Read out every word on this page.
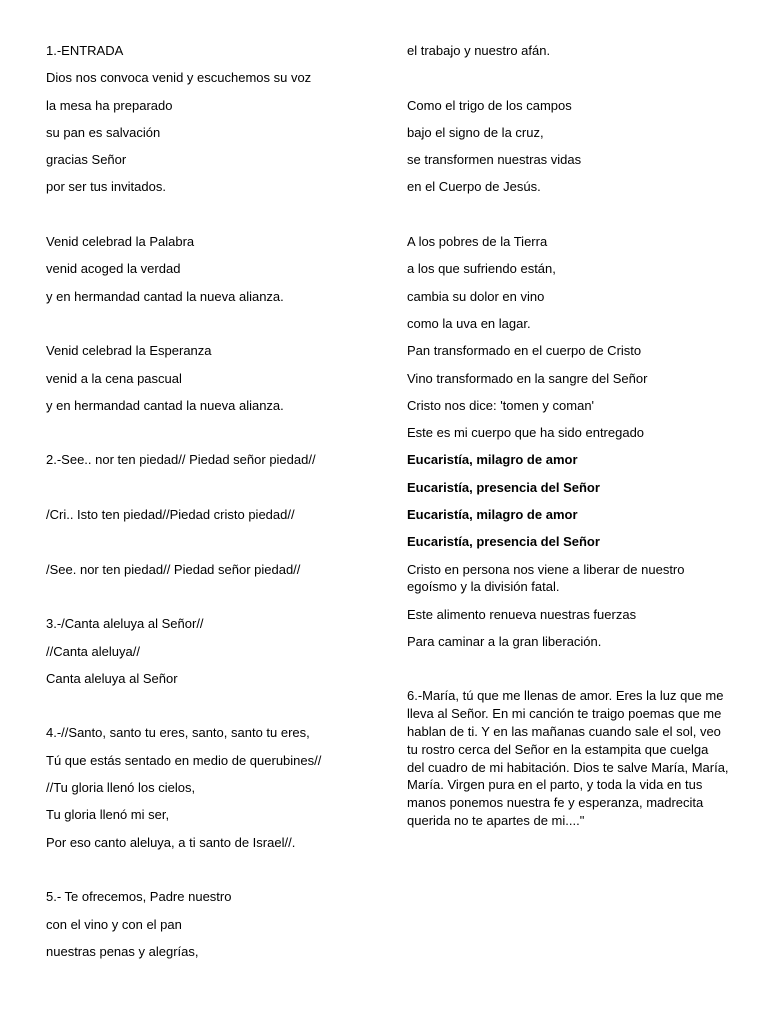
1.-ENTRADA
Dios nos convoca venid y escuchemos su voz
la mesa ha preparado
su pan es salvación
gracias Señor
por ser tus invitados.
Venid celebrad la Palabra
venid acoged la verdad
y en hermandad cantad la nueva alianza.
Venid celebrad la Esperanza
venid a la cena pascual
y en hermandad cantad la nueva alianza.
2.-See.. nor ten piedad// Piedad señor piedad//
/Cri.. Isto ten piedad//Piedad cristo piedad//
/See. nor ten piedad// Piedad señor piedad//
3.-/Canta aleluya al Señor//
//Canta aleluya//
Canta aleluya al Señor
4.-//Santo, santo tu eres, santo, santo tu eres,
Tú que estás sentado en medio de querubines//
//Tu gloria llenó los cielos,
Tu gloria llenó mi ser,
Por eso canto aleluya, a ti santo de Israel//.
5.- Te ofrecemos, Padre nuestro
con el vino y con el pan
nuestras penas y alegrías,
el trabajo y nuestro afán.
Como el trigo de los campos
bajo el signo de la cruz,
se transformen nuestras vidas
en el Cuerpo de Jesús.
A los pobres de la Tierra
a los que sufriendo están,
cambia su dolor en vino
como la uva en lagar.
Pan transformado en el cuerpo de Cristo
Vino transformado en la sangre del Señor
Cristo nos dice: 'tomen y coman'
Este es mi cuerpo que ha sido entregado
Eucaristía, milagro de amor
Eucaristía, presencia del Señor
Eucaristía, milagro de amor
Eucaristía, presencia del Señor
Cristo en persona nos viene a liberar de nuestro egoísmo y la división fatal.
Este alimento renueva nuestras fuerzas
Para caminar a la gran liberación.
6.-María, tú que me llenas de amor. Eres la luz que me lleva al Señor. En mi canción te traigo poemas que me hablan de ti. Y en las mañanas cuando sale el sol, veo tu rostro cerca del Señor en la estampita que cuelga del cuadro de mi habitación. Dios te salve María, María, María. Virgen pura en el parto, y toda la vida en tus manos ponemos nuestra fe y esperanza, madrecita querida no te apartes de mi...."
